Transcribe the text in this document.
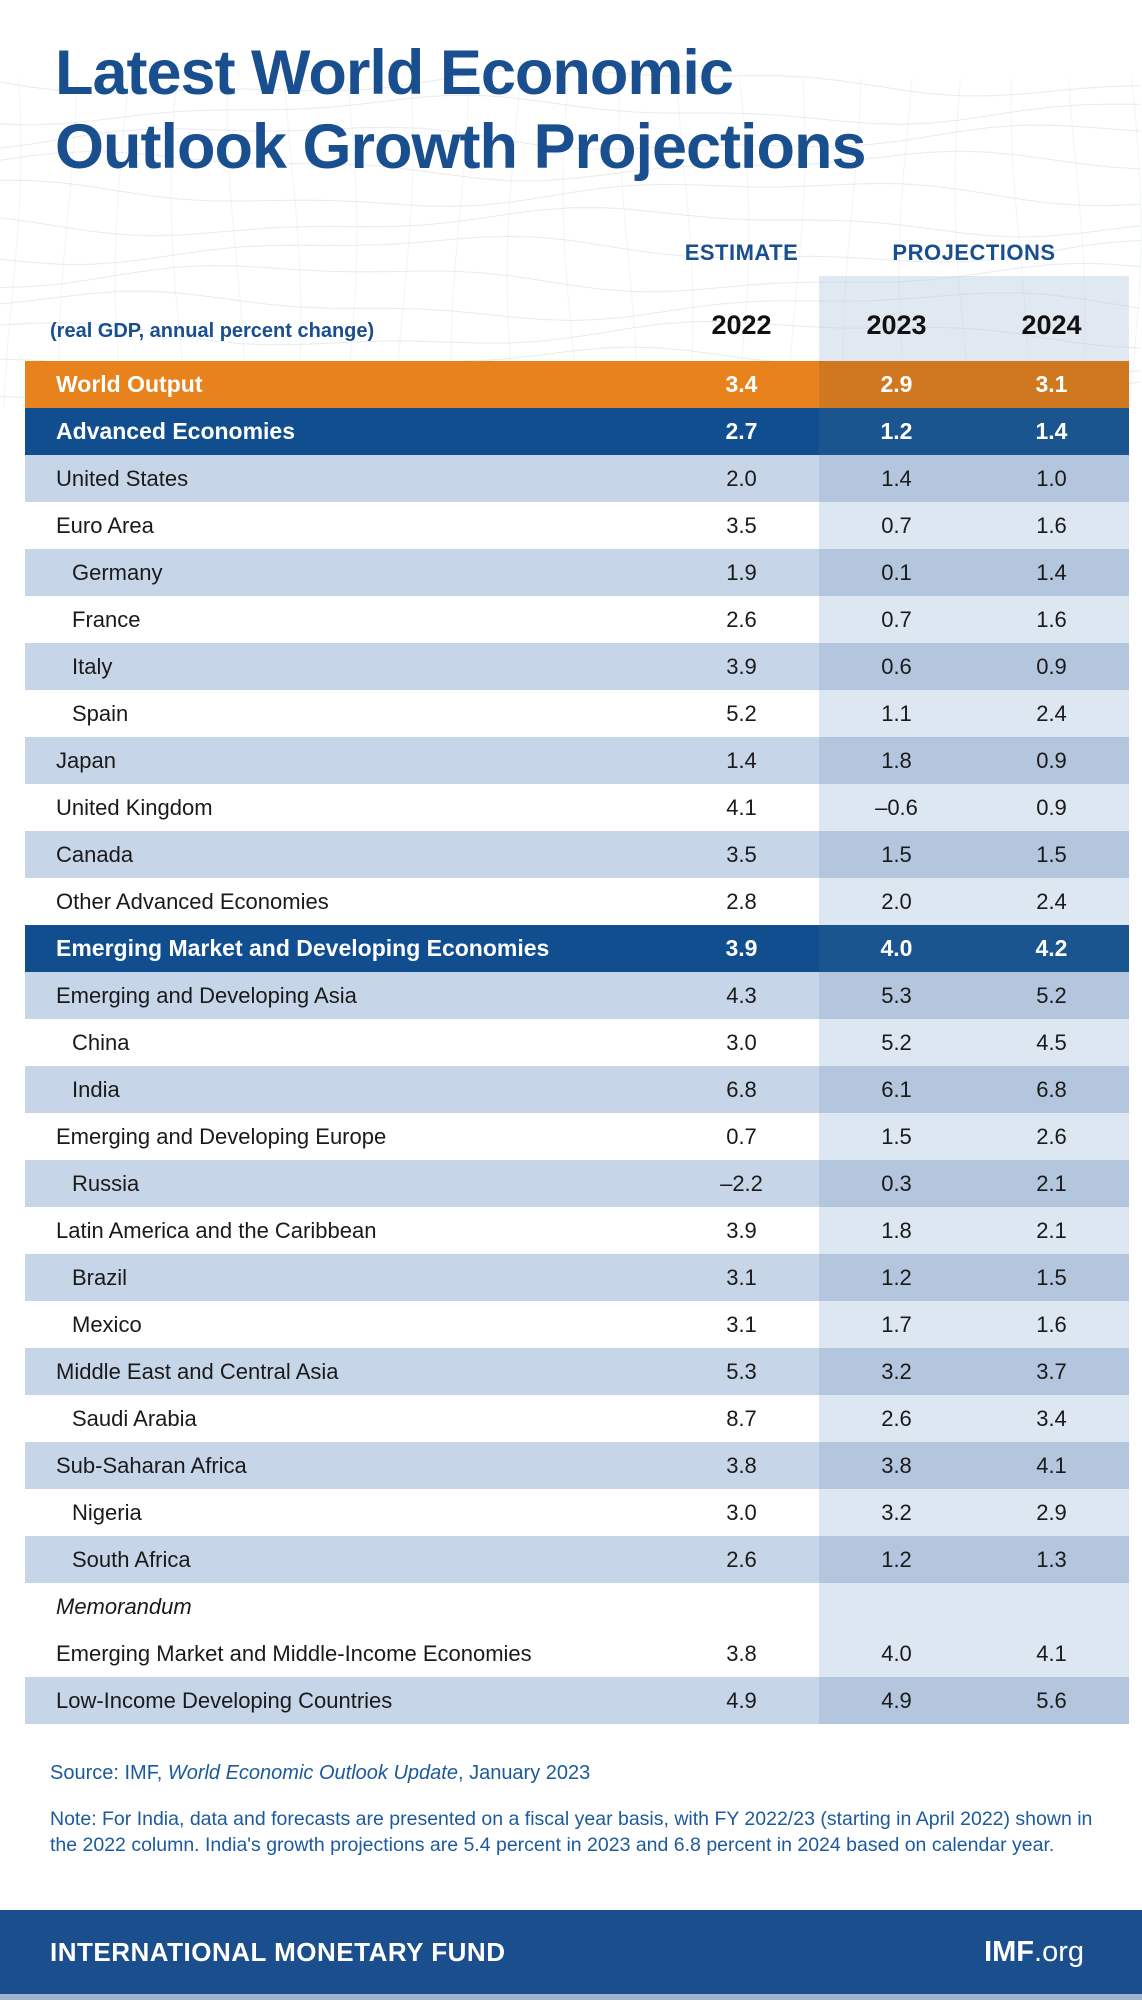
Latest World Economic
Outlook Growth Projections
ESTIMATE	PROJECTIONS
(real GDP, annual percent change)	2022	2023	2024
World Output	3.4	2.9	3.1
Advanced Economies	2.7	1.2	1.4
United States	2.0	1.4	1.0
Euro Area	3.5	0.7	1.6
Germany	1.9	0.1	1.4
France	2.6	0.7	1.6
Italy	3.9	0.6	0.9
Spain	5.2	1.1	2.4
Japan	1.4	1.8	0.9
United Kingdom	4.1	–0.6	0.9
Canada	3.5	1.5	1.5
Other Advanced Economies	2.8	2.0	2.4
Emerging Market and Developing Economies	3.9	4.0	4.2
Emerging and Developing Asia	4.3	5.3	5.2
China	3.0	5.2	4.5
India	6.8	6.1	6.8
Emerging and Developing Europe	0.7	1.5	2.6
Russia	–2.2	0.3	2.1
Latin America and the Caribbean	3.9	1.8	2.1
Brazil	3.1	1.2	1.5
Mexico	3.1	1.7	1.6
Middle East and Central Asia	5.3	3.2	3.7
Saudi Arabia	8.7	2.6	3.4
Sub-Saharan Africa	3.8	3.8	4.1
Nigeria	3.0	3.2	2.9
South Africa	2.6	1.2	1.3
Memorandum
Emerging Market and Middle-Income Economies	3.8	4.0	4.1
Low-Income Developing Countries	4.9	4.9	5.6
Source: IMF, World Economic Outlook Update, January 2023
Note: For India, data and forecasts are presented on a fiscal year basis, with FY 2022/23 (starting in April 2022) shown in the 2022 column. India's growth projections are 5.4 percent in 2023 and 6.8 percent in 2024 based on calendar year.
INTERNATIONAL MONETARY FUND	IMF .org
